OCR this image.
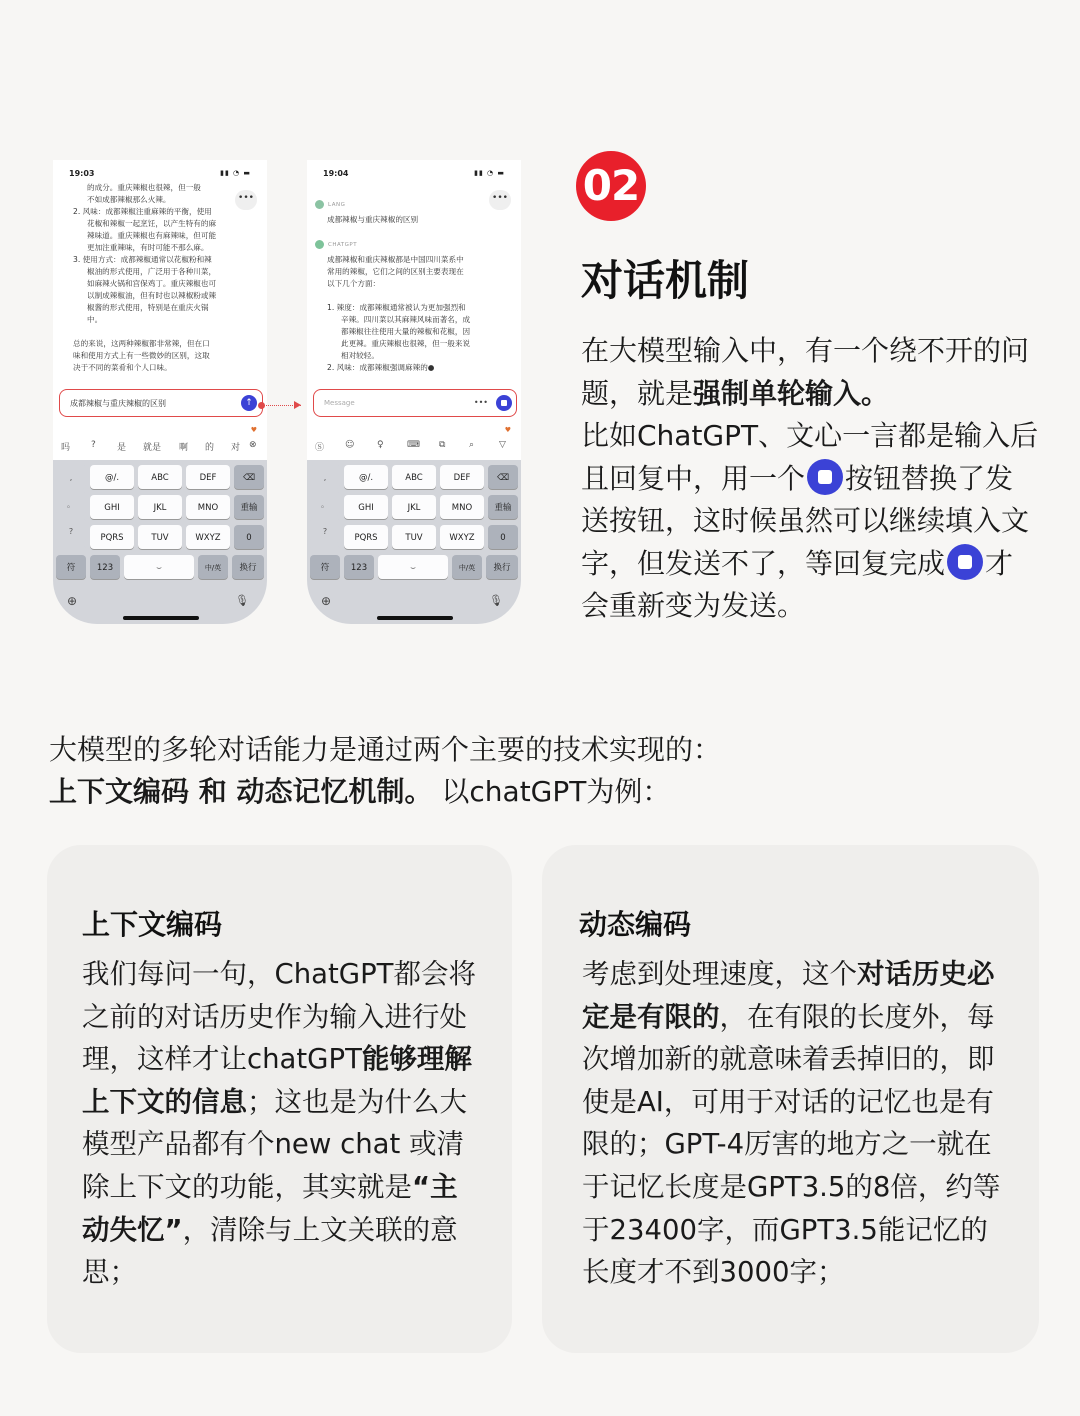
19:03	▮▮ ◔ ▬
•••
的成分。重庆辣椒也很辣，但一般
不如成都辣椒那么火辣。
2. 风味：成都辣椒注重麻辣的平衡，使用
花椒和辣椒一起烹饪，以产生特有的麻
辣味道。重庆辣椒也有麻辣味，但可能
更加注重辣味，有时可能不那么麻。
3. 使用方式：成都辣椒通常以花椒粉和辣
椒油的形式使用，广泛用于各种川菜，
如麻辣火锅和宫保鸡丁。重庆辣椒也可
以制成辣椒油，但有时也以辣椒粉或辣
椒酱的形式使用，特别是在重庆火锅
中。
总的来说，这两种辣椒都非常辣，但在口
味和使用方式上有一些微妙的区别，这取
决于不同的菜肴和个人口味。
成都辣椒与重庆辣椒的区别	↑
♥
吗 ? 是 就是 啊 的 对 ⊗
,
。
?
@/.	ABC	DEF	⌫
GHI	JKL	MNO	重输
PQRS	TUV	WXYZ	0
符	123	⌣	中/英	换行
⊕	🎙
19:04	▮▮ ◔ ▬
•••
LANG
成都辣椒与重庆辣椒的区别
CHATGPT
成都辣椒和重庆辣椒都是中国四川菜系中
常用的辣椒，它们之间的区别主要表现在
以下几个方面：
1. 辣度：成都辣椒通常被认为更加强烈和
辛辣。四川菜以其麻辣风味而著名，成
都辣椒往往使用大量的辣椒和花椒，因
此更辣。重庆辣椒也很辣，但一般来说
相对较轻。
2. 风味：成都辣椒强调麻辣的●
Message	•••
♥
Ⓢ ☺	♀	⌨ ⧉	⌕	▽
,
。
?
@/.	ABC	DEF	⌫
GHI	JKL	MNO	重输
PQRS	TUV	WXYZ	0
符	123	⌣	中/英	换行
⊕	🎙
02
对话机制
在大模型输入中，有一个绕不开的问题，就是强制单轮输入。
比如ChatGPT、文心一言都是输入后且回复中，用一个 按钮替换了发送按钮，这时候虽然可以继续填入文字，但发送不了，等回复完成 才会重新变为发送。
大模型的多轮对话能力是通过两个主要的技术实现的：
上下文编码 和 动态记忆机制。 以chatGPT为例：
上下文编码
我们每问一句，ChatGPT都会将之前的对话历史作为输入进行处理，这样才让chatGPT能够理解上下文的信息；这也是为什么大模型产品都有个new chat 或清除上下文的功能，其实就是“主动失忆”，清除与上文关联的意思；
动态编码
考虑到处理速度，这个对话历史必定是有限的，在有限的长度外，每次增加新的就意味着丢掉旧的，即使是AI，可用于对话的记忆也是有限的；GPT-4厉害的地方之一就在于记忆长度是GPT3.5的8倍，约等于23400字，而GPT3.5能记忆的长度才不到3000字；
